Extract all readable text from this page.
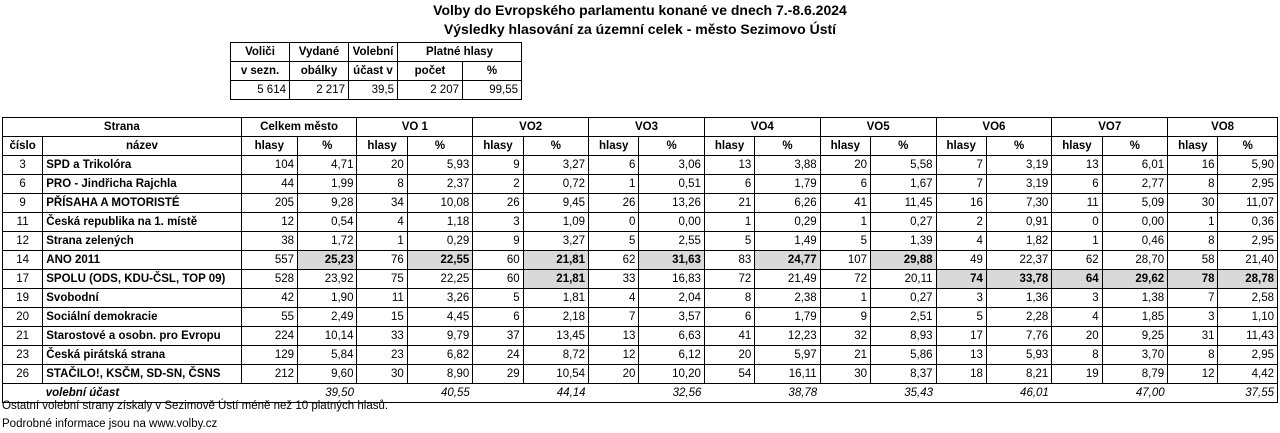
Volby do Evropského parlamentu konané ve dnech 7.-8.6.2024
Výsledky hlasování za územní celek - město Sezimovo Ústí
Voliči	Vydané	Volební	Platné hlasy	
v sezn.	obálky	účast v	počet	%
5 614	2 217	39,5	2 207	99,55
Strana		Celkem město		VO 1		VO2		VO3		VO4		VO5		VO6		VO7		VO8	
číslo	název	hlasy	%	hlasy	%	hlasy	%	hlasy	%	hlasy	%	hlasy	%	hlasy	%	hlasy	%	hlasy	%
3	SPD a Trikolóra	104	4,71	20	5,93	9	3,27	6	3,06	13	3,88	20	5,58	7	3,19	13	6,01	16	5,90
6	PRO - Jindřicha Rajchla	44	1,99	8	2,37	2	0,72	1	0,51	6	1,79	6	1,67	7	3,19	6	2,77	8	2,95
9	PŘÍSAHA A MOTORISTÉ	205	9,28	34	10,08	26	9,45	26	13,26	21	6,26	41	11,45	16	7,30	11	5,09	30	11,07
11	Česká republika na 1. místě	12	0,54	4	1,18	3	1,09	0	0,00	1	0,29	1	0,27	2	0,91	0	0,00	1	0,36
12	Strana zelených	38	1,72	1	0,29	9	3,27	5	2,55	5	1,49	5	1,39	4	1,82	1	0,46	8	2,95
14	ANO 2011	557	25,23	76	22,55	60	21,81	62	31,63	83	24,77	107	29,88	49	22,37	62	28,70	58	21,40
17	SPOLU (ODS, KDU-ČSL, TOP 09)	528	23,92	75	22,25	60	21,81	33	16,83	72	21,49	72	20,11	74	33,78	64	29,62	78	28,78
19	Svobodní	42	1,90	11	3,26	5	1,81	4	2,04	8	2,38	1	0,27	3	1,36	3	1,38	7	2,58
20	Sociální demokracie	55	2,49	15	4,45	6	2,18	7	3,57	6	1,79	9	2,51	5	2,28	4	1,85	3	1,10
21	Starostové a osobn. pro Evropu	224	10,14	33	9,79	37	13,45	13	6,63	41	12,23	32	8,93	17	7,76	20	9,25	31	11,43
23	Česká pirátská strana	129	5,84	23	6,82	24	8,72	12	6,12	20	5,97	21	5,86	13	5,93	8	3,70	8	2,95
26	STAČILO!, KSČM, SD-SN, ČSNS	212	9,60	30	8,90	29	10,54	20	10,20	54	16,11	30	8,37	18	8,21	19	8,79	12	4,42
	volební účast		39,50		40,55		44,14		32,56		38,78		35,43		46,01		47,00		37,55
Ostatní volební strany získaly v Sezimově Ústí méně než 10 platných hlasů.
Podrobné informace jsou na www.volby.cz
